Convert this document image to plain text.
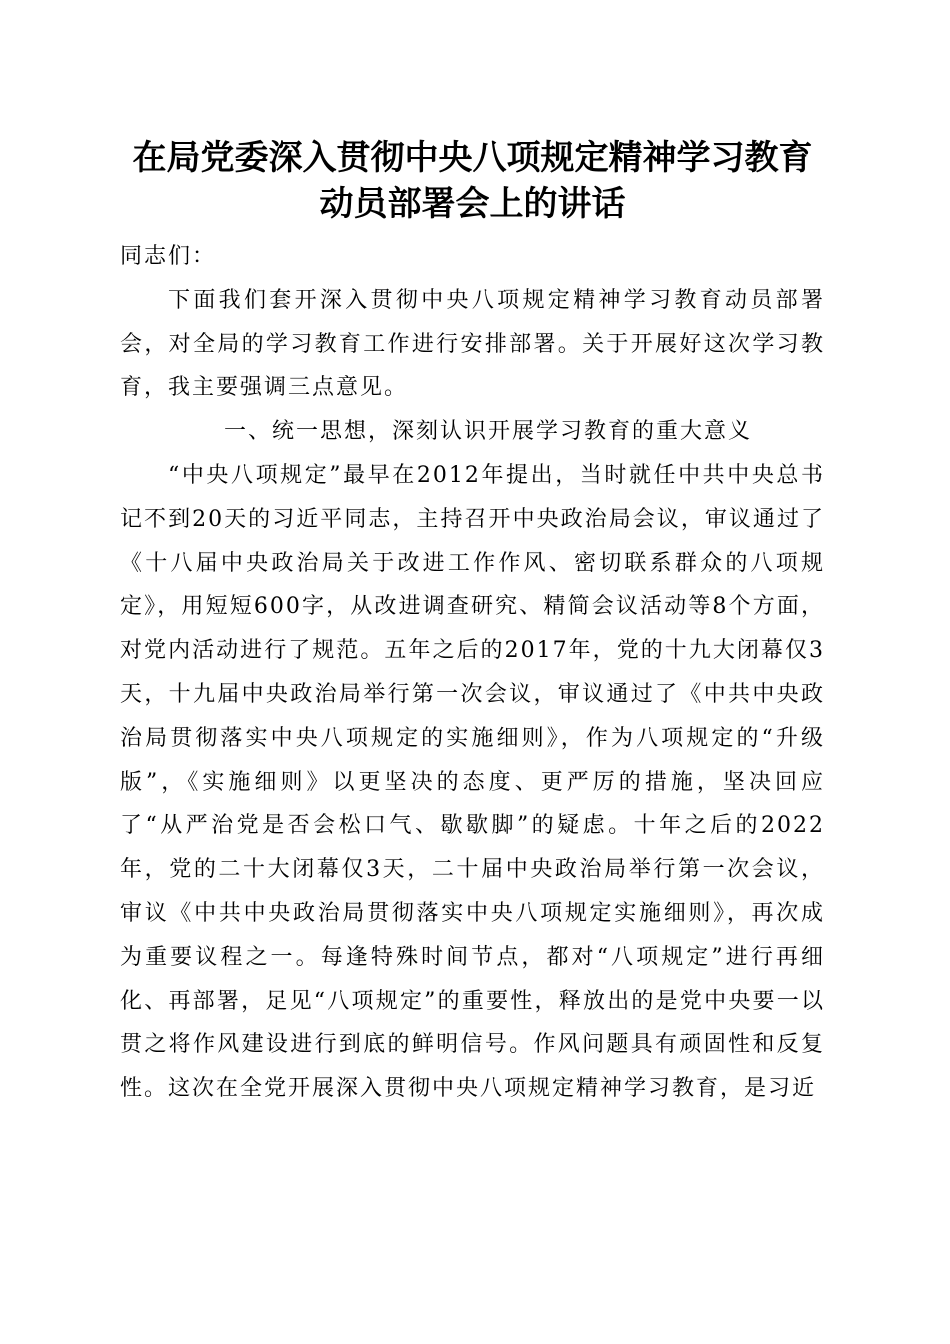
在局党委深入贯彻中央八项规定精神学习教育
动员部署会上的讲话

同志们：

下面我们套开深入贯彻中央八项规定精神学习教育动员部署会，对全局的学习教育工作进行安排部署。关于开展好这次学习教育，我主要强调三点意见。

一、统一思想，深刻认识开展学习教育的重大意义

“中央八项规定”最早在2012年提出，当时就任中共中央总书记不到20天的习近平同志，主持召开中央政治局会议，审议通过了《十八届中央政治局关于改进工作作风、密切联系群众的八项规定》，用短短600字，从改进调查研究、精简会议活动等8个方面，对党内活动进行了规范。五年之后的2017年，党的十九大闭幕仅3天，十九届中央政治局举行第一次会议，审议通过了《中共中央政治局贯彻落实中央八项规定的实施细则》，作为八项规定的“升级版”，《实施细则》以更坚决的态度、更严厉的措施，坚决回应了“从严治党是否会松口气、歇歇脚”的疑虑。十年之后的2022年，党的二十大闭幕仅3天，二十届中央政治局举行第一次会议，审议《中共中央政治局贯彻落实中央八项规定实施细则》，再次成为重要议程之一。每逢特殊时间节点，都对“八项规定”进行再细化、再部署，足见“八项规定”的重要性，释放出的是党中央要一以贯之将作风建设进行到底的鲜明信号。作风问题具有顽固性和反复性。这次在全党开展深入贯彻中央八项规定精神学习教育，是习近
